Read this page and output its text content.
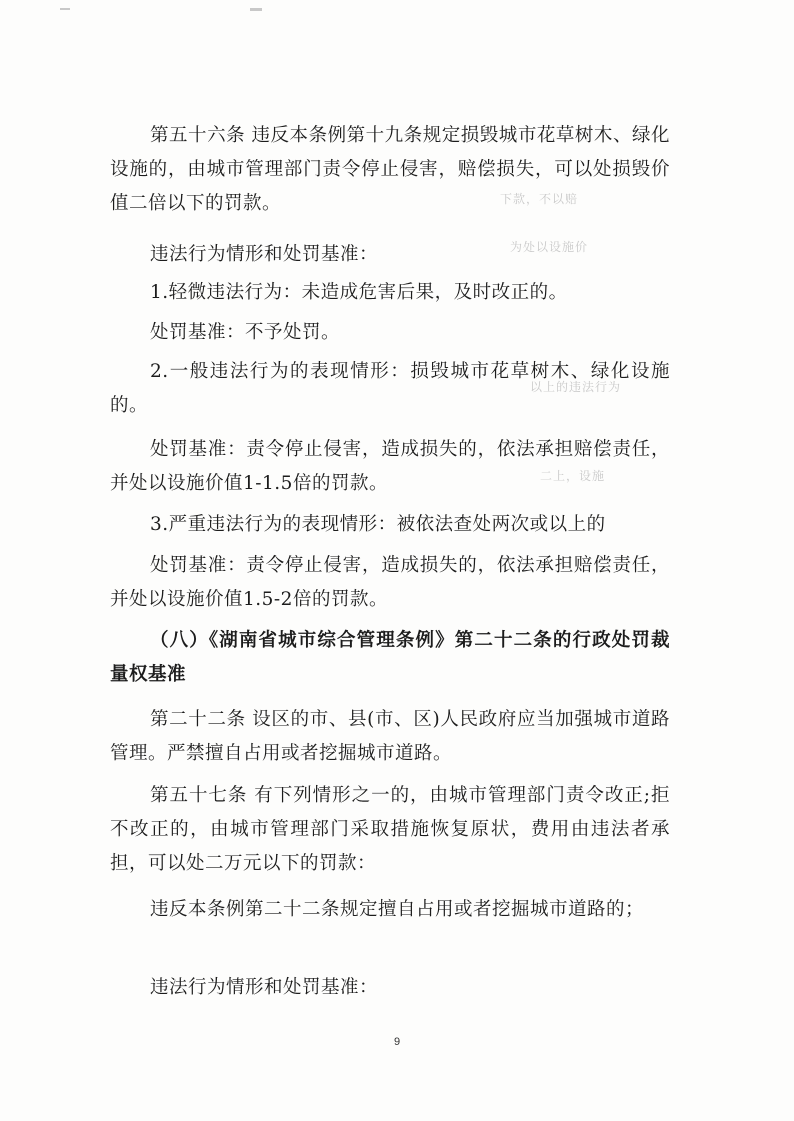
下款，不以赔
为处以设施价
以上的违法行为
二上，设施

第五十六条 违反本条例第十九条规定损毁城市花草树木、绿化设施的，由城市管理部门责令停止侵害，赔偿损失，可以处损毁价值二倍以下的罚款。

违法行为情形和处罚基准：

1.轻微违法行为：未造成危害后果，及时改正的。

处罚基准：不予处罚。

2.一般违法行为的表现情形：损毁城市花草树木、绿化设施的。

处罚基准：责令停止侵害，造成损失的，依法承担赔偿责任，并处以设施价值1-1.5倍的罚款。

3.严重违法行为的表现情形：被依法查处两次或以上的

处罚基准：责令停止侵害，造成损失的，依法承担赔偿责任，并处以设施价值1.5-2倍的罚款。

（八）《湖南省城市综合管理条例》第二十二条的行政处罚裁量权基准

第二十二条 设区的市、县(市、区)人民政府应当加强城市道路管理。严禁擅自占用或者挖掘城市道路。

第五十七条 有下列情形之一的，由城市管理部门责令改正;拒不改正的，由城市管理部门采取措施恢复原状，费用由违法者承担，可以处二万元以下的罚款：

违反本条例第二十二条规定擅自占用或者挖掘城市道路的；

违法行为情形和处罚基准：

9
